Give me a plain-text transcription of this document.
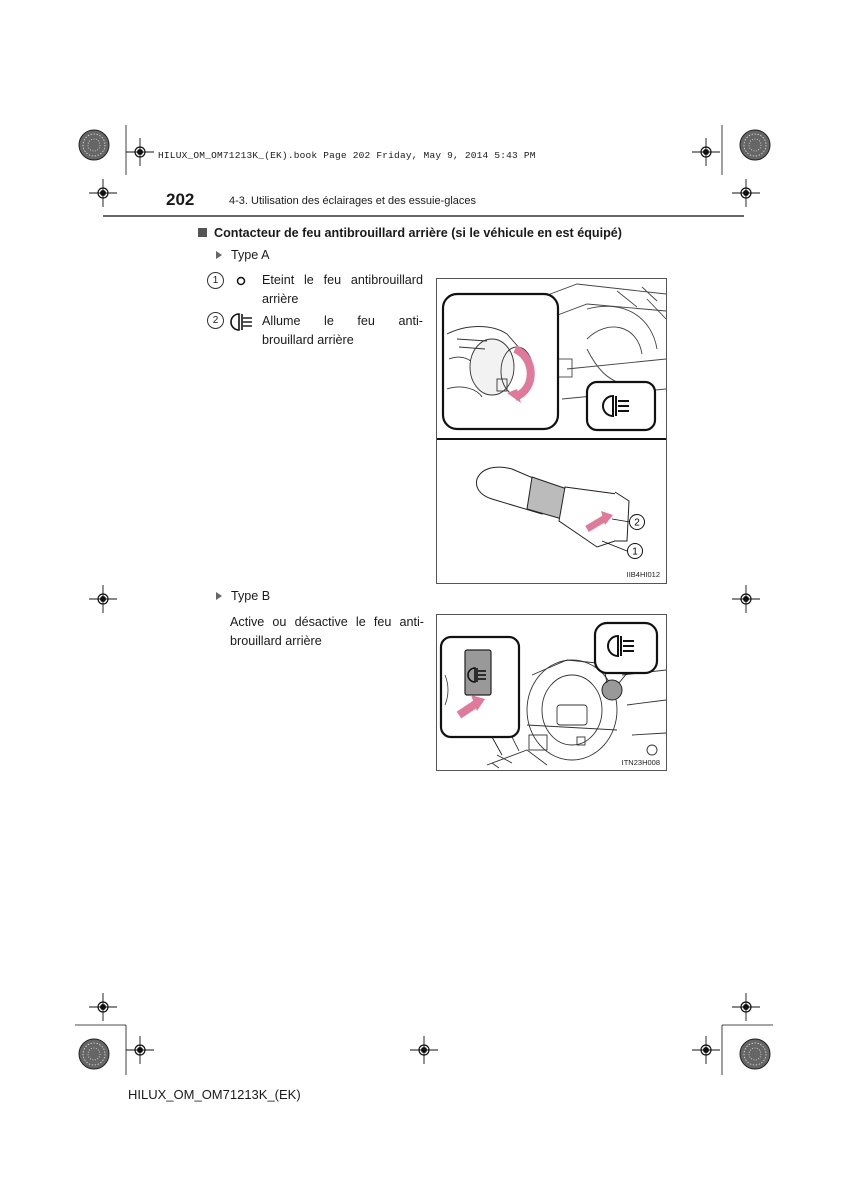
HILUX_OM_OM71213K_(EK).book Page 202 Friday, May 9, 2014 5:43 PM
202	4-3. Utilisation des éclairages et des essuie-glaces
Contacteur de feu antibrouillard arrière (si le véhicule en est équipé)
Type A
1	Eteint le feu antibrouillard
arrière
2	Allume le feu anti-
brouillard arrière
2
1
IIB4HI012
Type B
Active ou désactive le feu anti-
brouillard arrière
ITN23H008
HILUX_OM_OM71213K_(EK)
